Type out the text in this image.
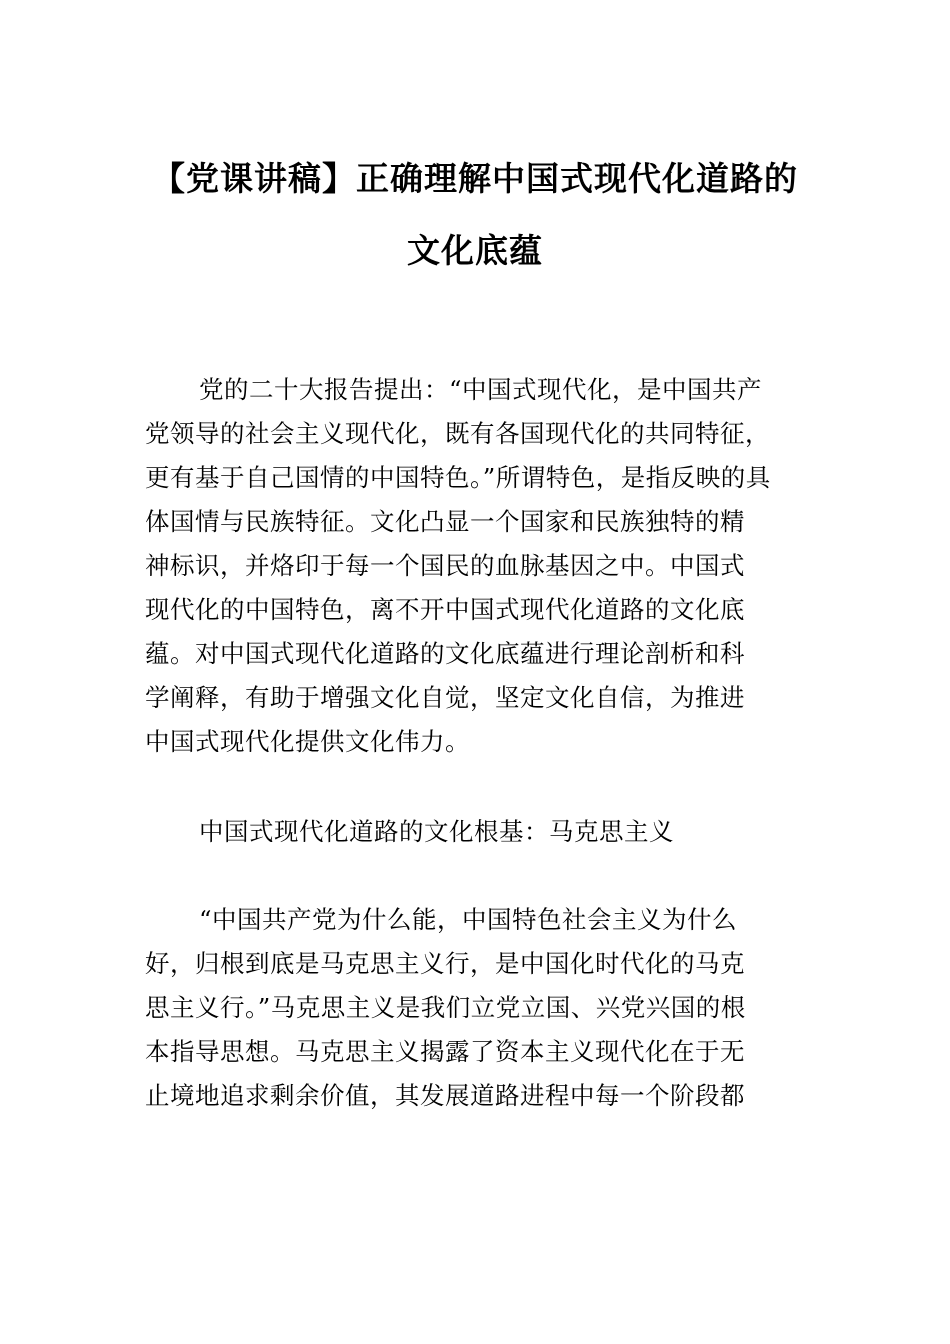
【党课讲稿】正确理解中国式现代化道路的
文化底蕴
党的二十大报告提出：“中国式现代化，是中国共产
党领导的社会主义现代化，既有各国现代化的共同特征，
更有基于自己国情的中国特色。”所谓特色，是指反映的具
体国情与民族特征。文化凸显一个国家和民族独特的精
神标识，并烙印于每一个国民的血脉基因之中。中国式
现代化的中国特色，离不开中国式现代化道路的文化底
蕴。对中国式现代化道路的文化底蕴进行理论剖析和科
学阐释，有助于增强文化自觉，坚定文化自信，为推进
中国式现代化提供文化伟力。
中国式现代化道路的文化根基：马克思主义
“中国共产党为什么能，中国特色社会主义为什么
好，归根到底是马克思主义行，是中国化时代化的马克
思主义行。”马克思主义是我们立党立国、兴党兴国的根
本指导思想。马克思主义揭露了资本主义现代化在于无
止境地追求剩余价值，其发展道路进程中每一个阶段都
